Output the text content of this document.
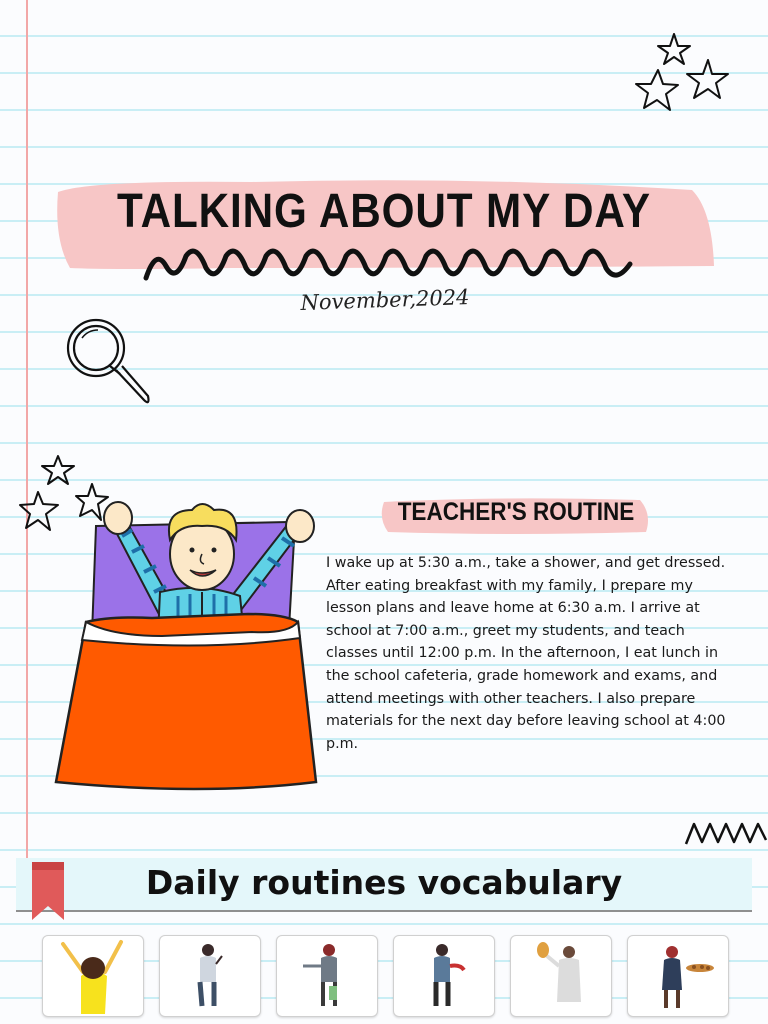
TALKING ABOUT MY DAY
November,2024
TEACHER'S ROUTINE
I wake up at 5:30 a.m., take a shower, and get dressed. After eating breakfast with my family, I prepare my lesson plans and leave home at 6:30 a.m. I arrive at school at 7:00 a.m., greet my students, and teach classes until 12:00 p.m. In the afternoon, I eat lunch in the school cafeteria, grade homework and exams, and attend meetings with other teachers. I also prepare materials for the next day before leaving school at 4:00 p.m.
Daily routines vocabulary
